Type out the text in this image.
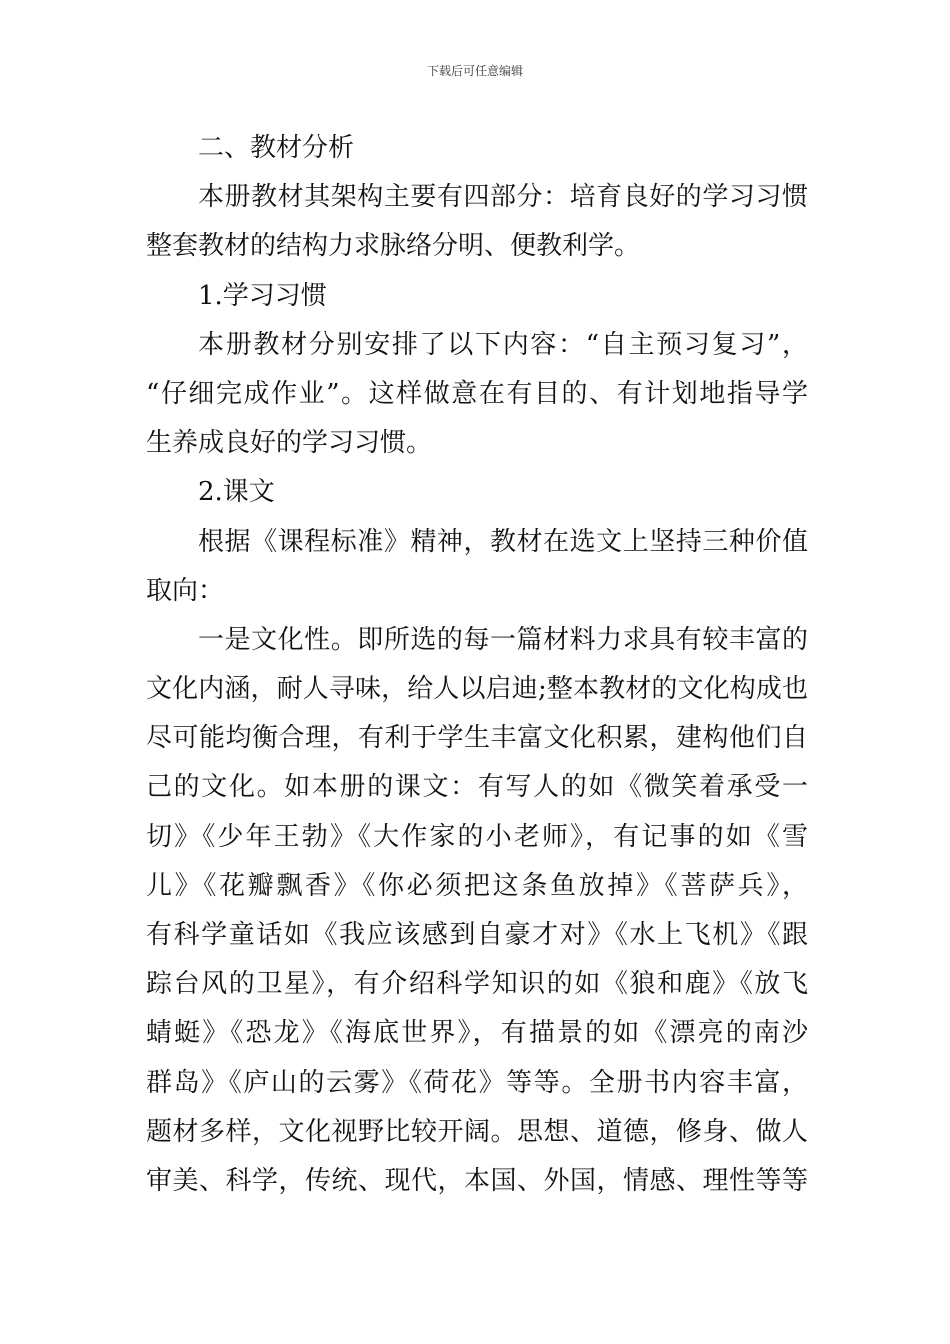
下载后可任意编辑
二、教材分析
本册教材其架构主要有四部分：培育良好的学习习惯
整套教材的结构力求脉络分明、便教利学。
1.学习习惯
本册教材分别安排了以下内容：“自主预习复习”，
“仔细完成作业”。这样做意在有目的、有计划地指导学
生养成良好的学习习惯。
2.课文
根据《课程标准》精神，教材在选文上坚持三种价值
取向：
一是文化性。即所选的每一篇材料力求具有较丰富的
文化内涵，耐人寻味，给人以启迪;整本教材的文化构成也
尽可能均衡合理，有利于学生丰富文化积累，建构他们自
己的文化。如本册的课文：有写人的如《微笑着承受一
切》《少年王勃》《大作家的小老师》，有记事的如《雪
儿》《花瓣飘香》《你必须把这条鱼放掉》《菩萨兵》，
有科学童话如《我应该感到自豪才对》《水上飞机》《跟
踪台风的卫星》，有介绍科学知识的如《狼和鹿》《放飞
蜻蜓》《恐龙》《海底世界》，有描景的如《漂亮的南沙
群岛》《庐山的云雾》《荷花》等等。全册书内容丰富，
题材多样，文化视野比较开阔。思想、道德，修身、做人
审美、科学，传统、现代，本国、外国，情感、理性等等
